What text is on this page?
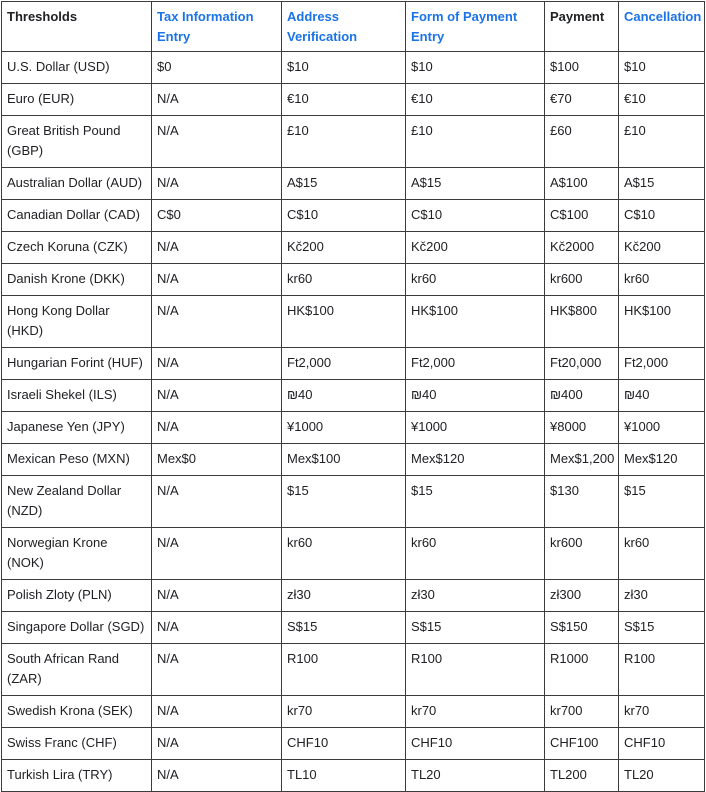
Thresholds	Tax Information Entry	Address Verification	Form of Payment Entry	Payment	Cancellation
U.S. Dollar (USD)	$0	$10	$10	$100	$10
Euro (EUR)	N/A	€10	€10	€70	€10
Great British Pound (GBP)	N/A	£10	£10	£60	£10
Australian Dollar (AUD)	N/A	A$15	A$15	A$100	A$15
Canadian Dollar (CAD)	C$0	C$10	C$10	C$100	C$10
Czech Koruna (CZK)	N/A	Kč200	Kč200	Kč2000	Kč200
Danish Krone (DKK)	N/A	kr60	kr60	kr600	kr60
Hong Kong Dollar (HKD)	N/A	HK$100	HK$100	HK$800	HK$100
Hungarian Forint (HUF)	N/A	Ft2,000	Ft2,000	Ft20,000	Ft2,000
Israeli Shekel (ILS)	N/A	₪40	₪40	₪400	₪40
Japanese Yen (JPY)	N/A	¥1000	¥1000	¥8000	¥1000
Mexican Peso (MXN)	Mex$0	Mex$100	Mex$120	Mex$1,200	Mex$120
New Zealand Dollar (NZD)	N/A	$15	$15	$130	$15
Norwegian Krone (NOK)	N/A	kr60	kr60	kr600	kr60
Polish Zloty (PLN)	N/A	zł30	zł30	zł300	zł30
Singapore Dollar (SGD)	N/A	S$15	S$15	S$150	S$15
South African Rand (ZAR)	N/A	R100	R100	R1000	R100
Swedish Krona (SEK)	N/A	kr70	kr70	kr700	kr70
Swiss Franc (CHF)	N/A	CHF10	CHF10	CHF100	CHF10
Turkish Lira (TRY)	N/A	TL10	TL20	TL200	TL20
